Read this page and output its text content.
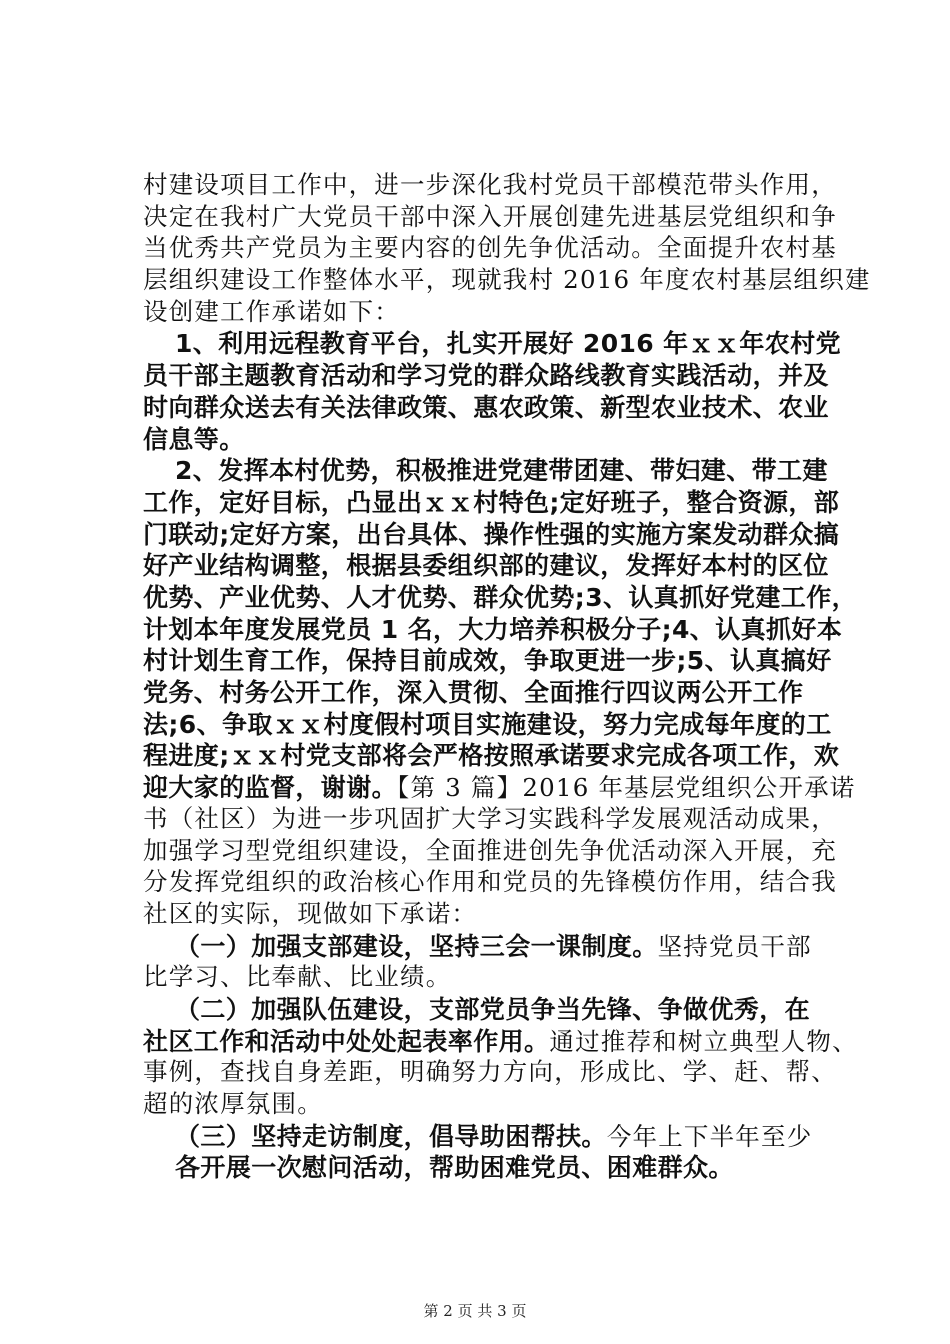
村建设项目工作中，进一步深化我村党员干部模范带头作用，
决定在我村广大党员干部中深入开展创建先进基层党组织和争
当优秀共产党员为主要内容的创先争优活动。全面提升农村基
层组织建设工作整体水平，现就我村 2016 年度农村基层组织建
设创建工作承诺如下：
1、利用远程教育平台，扎实开展好 2016 年ｘｘ年农村党
员干部主题教育活动和学习党的群众路线教育实践活动，并及
时向群众送去有关法律政策、惠农政策、新型农业技术、农业
信息等。
2、发挥本村优势，积极推进党建带团建、带妇建、带工建
工作，定好目标，凸显出ｘｘ村特色;定好班子，整合资源，部
门联动;定好方案，出台具体、操作性强的实施方案发动群众搞
好产业结构调整，根据县委组织部的建议，发挥好本村的区位
优势、产业优势、人才优势、群众优势;3、认真抓好党建工作，
计划本年度发展党员 1 名，大力培养积极分子;4、认真抓好本
村计划生育工作，保持目前成效，争取更进一步;5、认真搞好
党务、村务公开工作，深入贯彻、全面推行四议两公开工作
法;6、争取ｘｘ村度假村项目实施建设，努力完成每年度的工
程进度;ｘｘ村党支部将会严格按照承诺要求完成各项工作，欢
迎大家的监督，谢谢。【第 3 篇】2016 年基层党组织公开承诺
书（社区）为进一步巩固扩大学习实践科学发展观活动成果，
加强学习型党组织建设，全面推进创先争优活动深入开展，充
分发挥党组织的政治核心作用和党员的先锋模仿作用，结合我
社区的实际，现做如下承诺：
（一）加强支部建设，坚持三会一课制度。坚持党员干部
比学习、比奉献、比业绩。
（二）加强队伍建设，支部党员争当先锋、争做优秀，在
社区工作和活动中处处起表率作用。通过推荐和树立典型人物、
事例，查找自身差距，明确努力方向，形成比、学、赶、帮、
超的浓厚氛围。
（三）坚持走访制度，倡导助困帮扶。今年上下半年至少
第 2 页 共 3 页
各开展一次慰问活动，帮助困难党员、困难群众。
